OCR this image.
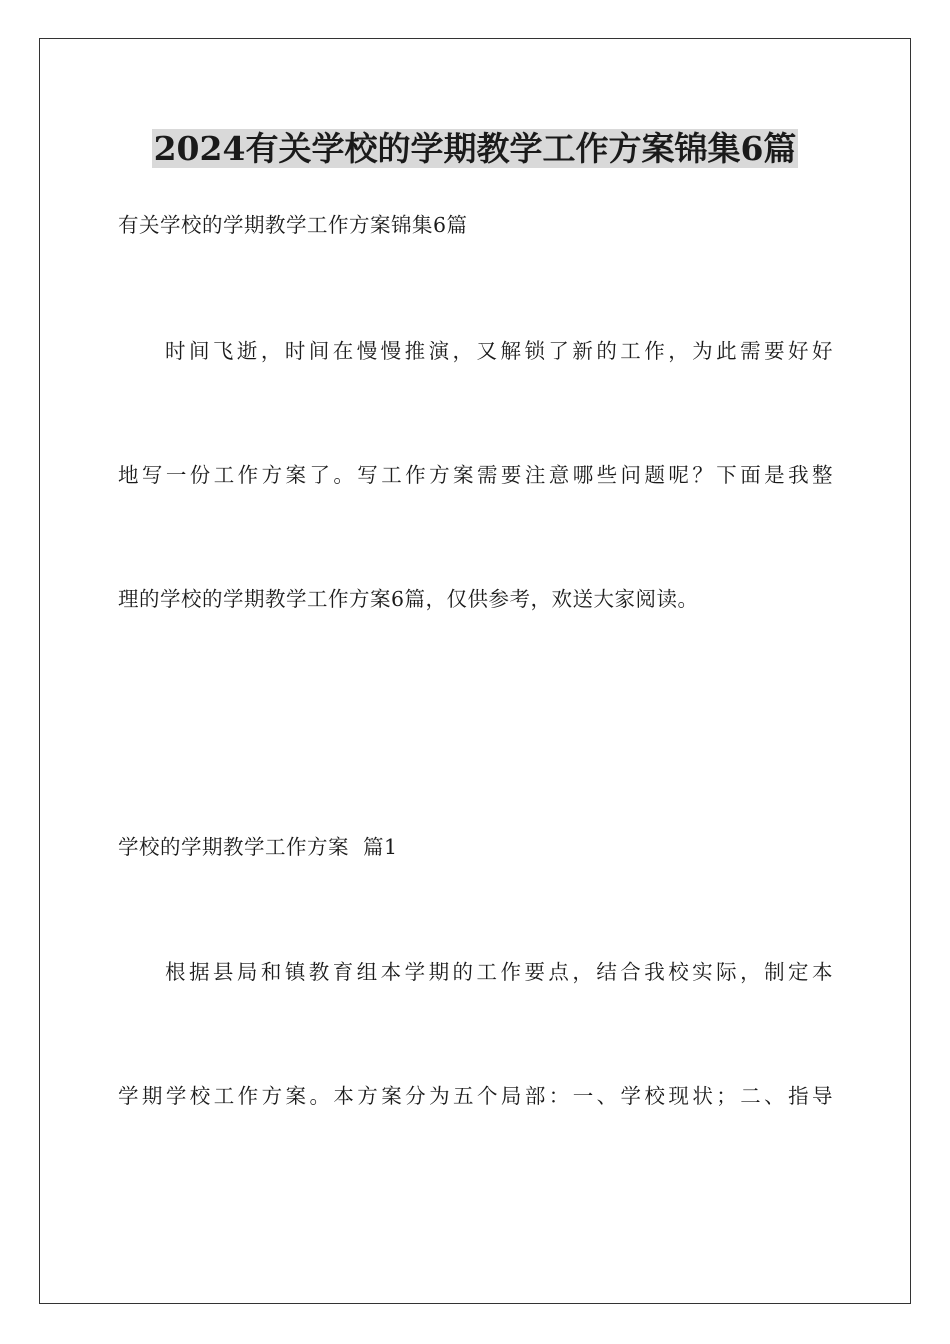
2024有关学校的学期教学工作方案锦集6篇
有关学校的学期教学工作方案锦集6篇
时间飞逝，时间在慢慢推演，又解锁了新的工作，为此需要好好
地写一份工作方案了。写工作方案需要注意哪些问题呢？下面是我整
理的学校的学期教学工作方案6篇，仅供参考，欢送大家阅读。
学校的学期教学工作方案  篇1
根据县局和镇教育组本学期的工作要点，结合我校实际，制定本
学期学校工作方案。本方案分为五个局部：一、学校现状；二、指导
